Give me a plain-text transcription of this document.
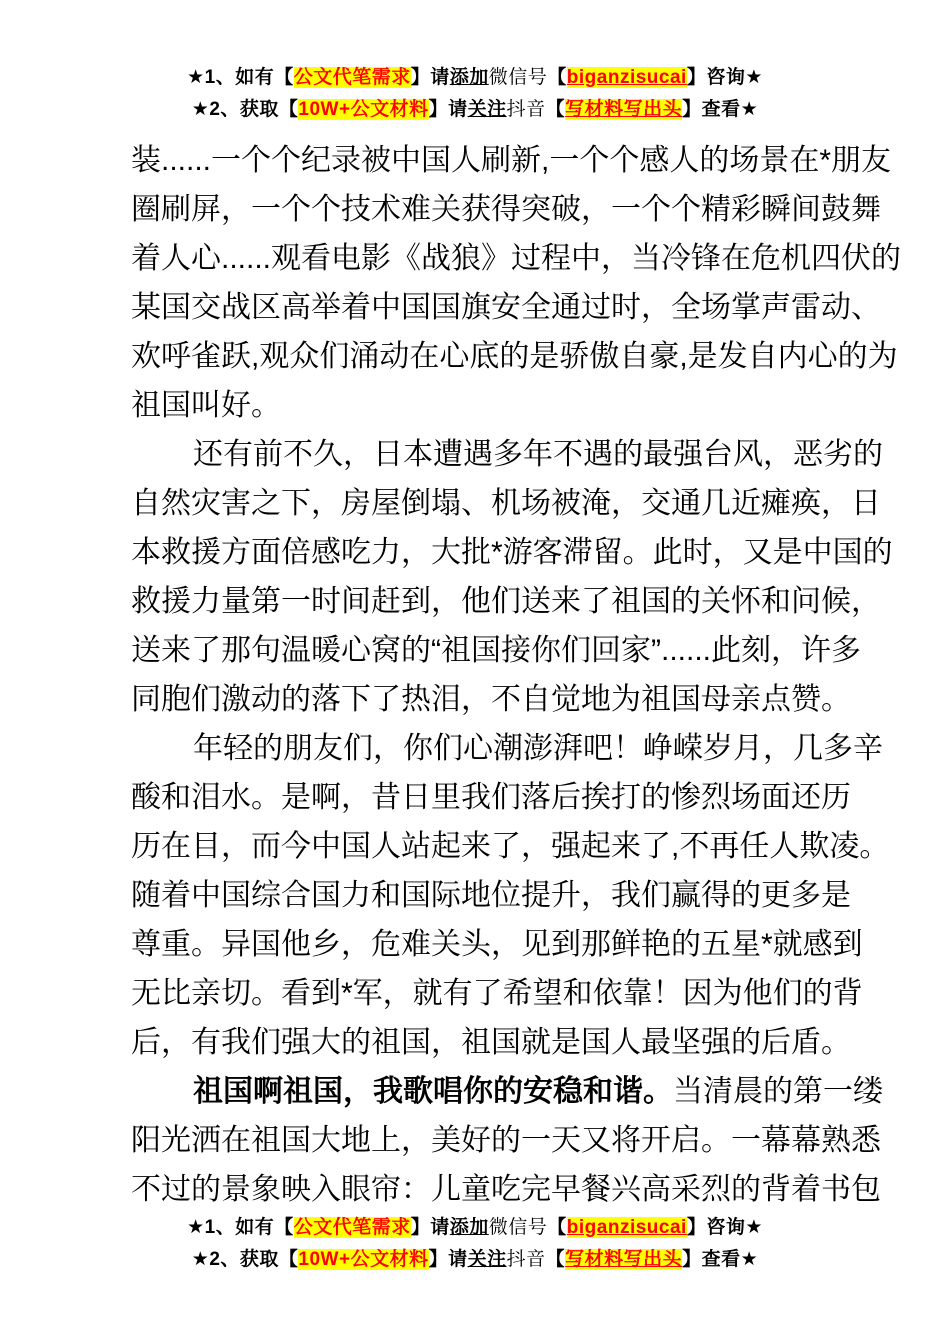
★1、如有【公文代笔需求】请添加微信号【biganzisucai】咨询★
★2、获取【10W+公文材料】请关注抖音【写材料写出头】查看★
装......一个个纪录被中国人刷新,一个个感人的场景在*朋友
圈刷屏，一个个技术难关获得突破，一个个精彩瞬间鼓舞
着人心......观看电影《战狼》过程中，当冷锋在危机四伏的
某国交战区高举着中国国旗安全通过时，全场掌声雷动、
欢呼雀跃,观众们涌动在心底的是骄傲自豪,是发自内心的为
祖国叫好。
还有前不久，日本遭遇多年不遇的最强台风，恶劣的
自然灾害之下，房屋倒塌、机场被淹，交通几近瘫痪，日
本救援方面倍感吃力，大批*游客滞留。此时，又是中国的
救援力量第一时间赶到，他们送来了祖国的关怀和问候，
送来了那句温暖心窝的“祖国接你们回家”......此刻，许多
同胞们激动的落下了热泪，不自觉地为祖国母亲点赞。
年轻的朋友们，你们心潮澎湃吧！峥嵘岁月，几多辛
酸和泪水。是啊，昔日里我们落后挨打的惨烈场面还历
历在目，而今中国人站起来了，强起来了,不再任人欺凌。
随着中国综合国力和国际地位提升，我们赢得的更多是
尊重。异国他乡，危难关头，见到那鲜艳的五星*就感到
无比亲切。看到*军，就有了希望和依靠！因为他们的背
后，有我们强大的祖国，祖国就是国人最坚强的后盾。
祖国啊祖国，我歌唱你的安稳和谐。当清晨的第一缕
阳光洒在祖国大地上，美好的一天又将开启。一幕幕熟悉
不过的景象映入眼帘：儿童吃完早餐兴高采烈的背着书包
★1、如有【公文代笔需求】请添加微信号【biganzisucai】咨询★
★2、获取【10W+公文材料】请关注抖音【写材料写出头】查看★
